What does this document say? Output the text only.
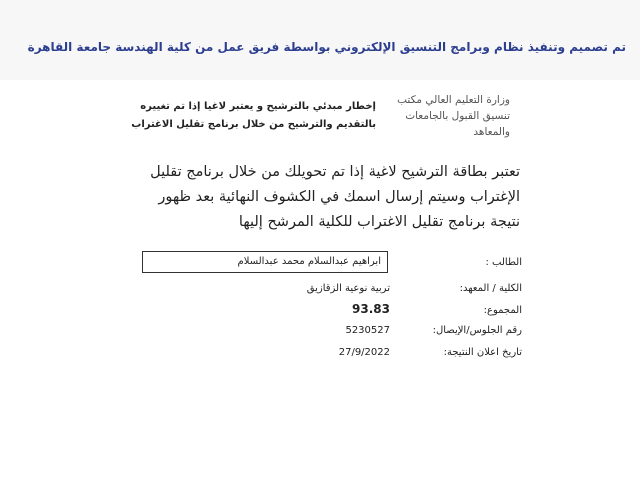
تم تصميم وتنفيذ نظام وبرامج التنسيق الإلكتروني بواسطة فريق عمل من كلية الهندسة جامعة القاهرة
وزارة التعليم العالي مكتب
تنسيق القبول بالجامعات
والمعاهد
إخطار مبدئي بالترشيح و يعتبر لاغيا إذا تم تغييره
بالتقديم والترشيح من خلال برنامج تقليل الاغتراب
تعتبر بطاقة الترشيح لاغية إذا تم تحويلك من خلال برنامج تقليل
الإغتراب وسيتم إرسال اسمك في الكشوف النهائية بعد ظهور
نتيجة برنامج تقليل الاغتراب للكلية المرشح إليها
الطالب :
ابراهيم عبدالسلام محمد عبدالسلام
الكلية / المعهد:
تربية نوعية الزقازيق
المجموع:
93.83
رقم الجلوس/الإيصال:
5230527
تاريخ اعلان النتيجة:
27/9/2022
